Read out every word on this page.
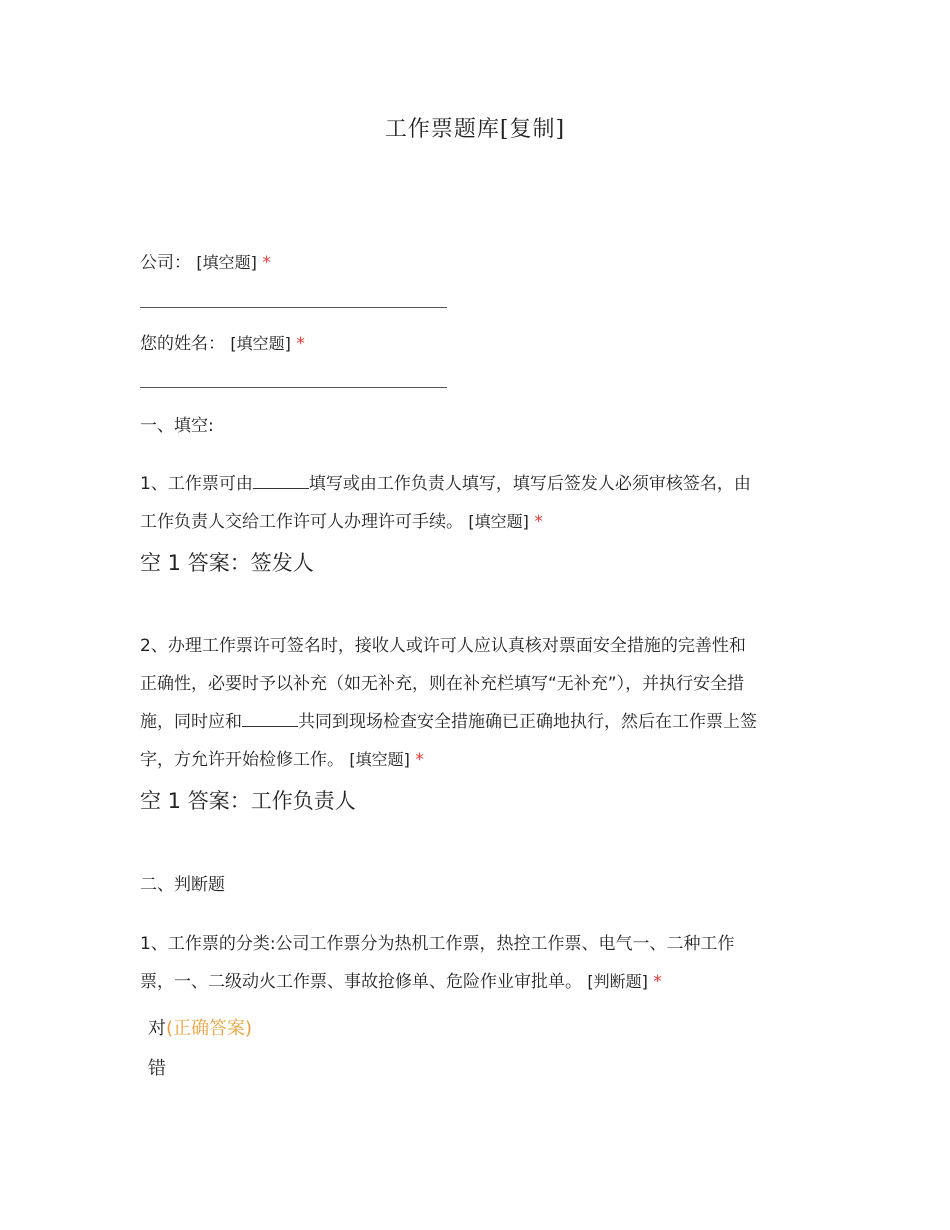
工作票题库[复制]
公司： [填空题] *
您的姓名： [填空题] *
一、填空:
1、工作票可由	填写或由工作负责人填写，填写后签发人必须审核签名，由
工作负责人交给工作许可人办理许可手续。 [填空题] *
空 1 答案：签发人
2、办理工作票许可签名时，接收人或许可人应认真核对票面安全措施的完善性和
正确性，必要时予以补充（如无补充，则在补充栏填写“无补充”），并执行安全措
施，同时应和	共同到现场检查安全措施确已正确地执行，然后在工作票上签
字，方允许开始检修工作。 [填空题] *
空 1 答案：工作负责人
二、判断题
1、工作票的分类:公司工作票分为热机工作票，热控工作票、电气一、二种工作
票，一、二级动火工作票、事故抢修单、危险作业审批单。 [判断题] *
对(正确答案)
错
